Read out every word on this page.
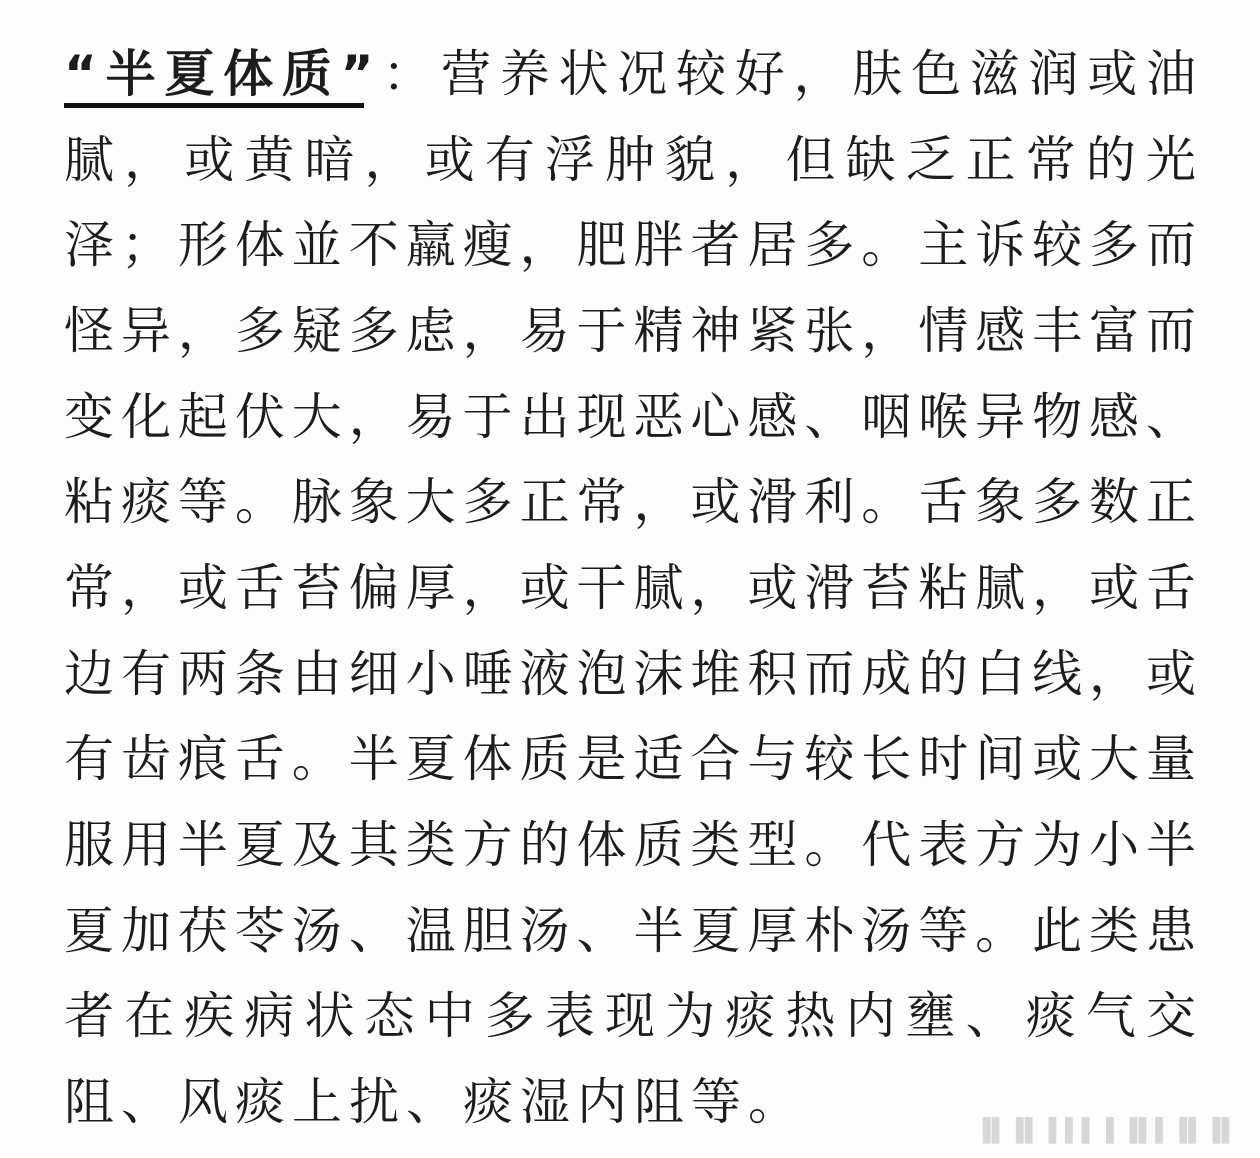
“半夏体质”：营养状况较好，肤色滋润或油
腻，或黄暗，或有浮肿貌，但缺乏正常的光
泽；形体並不羸瘦，肥胖者居多。主诉较多而
怪异，多疑多虑，易于精神紧张，情感丰富而
变化起伏大，易于出现恶心感、咽喉异物感、
粘痰等。脉象大多正常，或滑利。舌象多数正
常，或舌苔偏厚，或干腻，或滑苔粘腻，或舌
边有两条由细小唾液泡沫堆积而成的白线，或
有齿痕舌。半夏体质是适合与较长时间或大量
服用半夏及其类方的体质类型。代表方为小半
夏加茯苓汤、温胆汤、半夏厚朴汤等。此类患
者在疾病状态中多表现为痰热内壅、痰气交
阻、风痰上扰、痰湿内阻等。	▐▌▐▌ ▌▌▌▐ ▐▌▌▐▌▐▌
